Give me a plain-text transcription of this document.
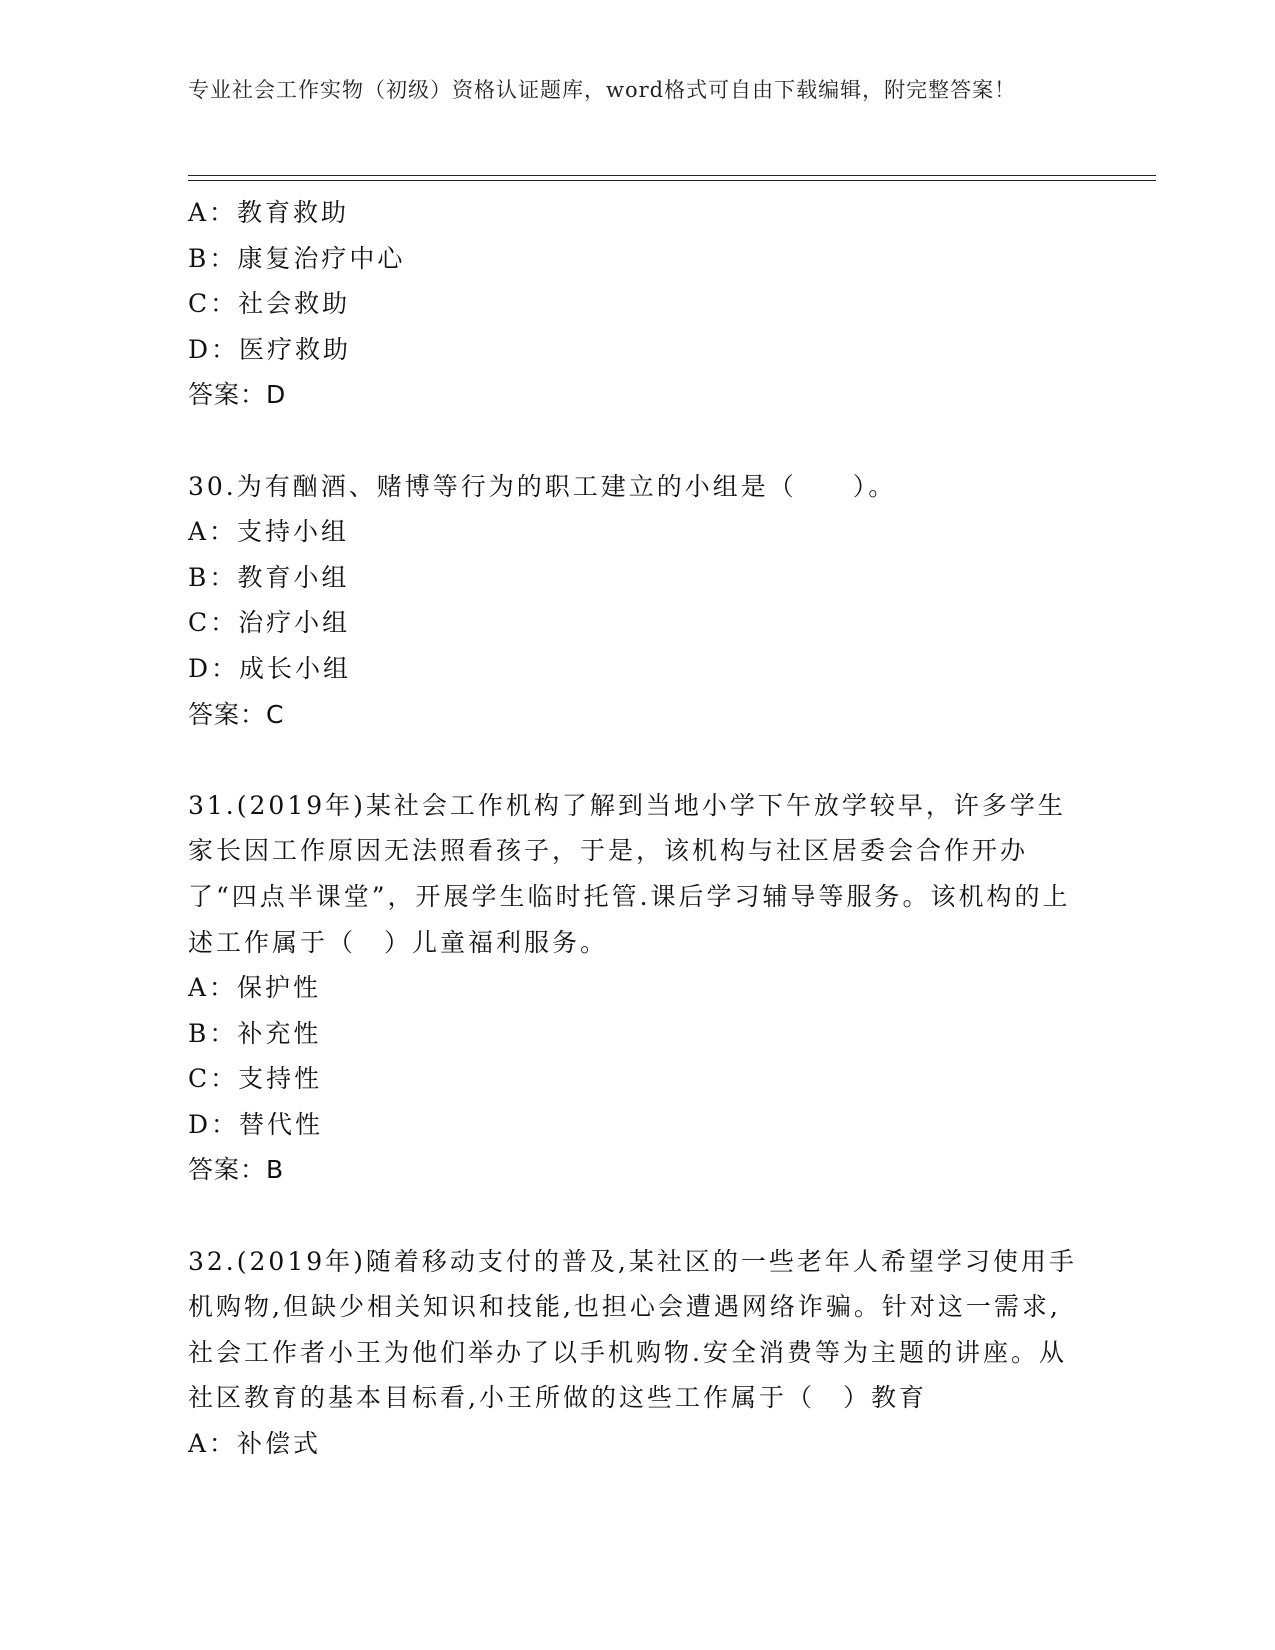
专业社会工作实物（初级）资格认证题库，word格式可自由下载编辑，附完整答案！
A：教育救助
B：康复治疗中心
C：社会救助
D：医疗救助
答案：D
30.为有酗酒、赌博等行为的职工建立的小组是（　　）。
A：支持小组
B：教育小组
C：治疗小组
D：成长小组
答案：C
31.(2019年)某社会工作机构了解到当地小学下午放学较早，许多学生家长因工作原因无法照看孩子，于是，该机构与社区居委会合作开办了“四点半课堂”，开展学生临时托管.课后学习辅导等服务。该机构的上述工作属于（　）儿童福利服务。
A：保护性
B：补充性
C：支持性
D：替代性
答案：B
32.(2019年)随着移动支付的普及,某社区的一些老年人希望学习使用手机购物,但缺少相关知识和技能,也担心会遭遇网络诈骗。针对这一需求,社会工作者小王为他们举办了以手机购物.安全消费等为主题的讲座。从社区教育的基本目标看,小王所做的这些工作属于（　）教育
A：补偿式
